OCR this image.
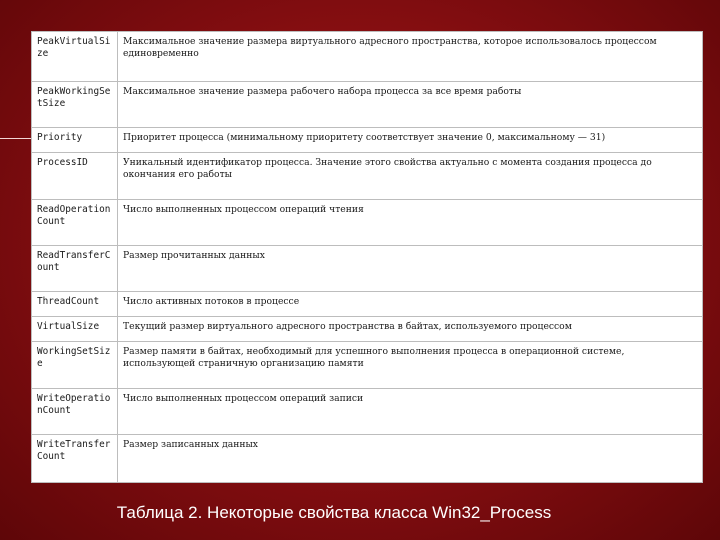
PeakVirtualSize	Максимальное значение размера виртуального адресного пространства, которое использовалось процессом единовременно
PeakWorkingSetSize	Максимальное значение размера рабочего набора процесса за все время работы
Priority	Приоритет процесса (минимальному приоритету соответствует значение 0, максимальному — 31)
ProcessID	Уникальный идентификатор процесса. Значение этого свойства актуально с момента создания процесса до окончания его работы
ReadOperationCount	Число выполненных процессом операций чтения
ReadTransferCount	Размер прочитанных данных
ThreadCount	Число активных потоков в процессе
VirtualSize	Текущий размер виртуального адресного пространства в байтах, используемого процессом
WorkingSetSize	Размер памяти в байтах, необходимый для успешного выполнения процесса в операционной системе, использующей страничную организацию памяти
WriteOperationCount	Число выполненных процессом операций записи
WriteTransferCount	Размер записанных данных
Таблица 2. Некоторые свойства класса Win32_Process
